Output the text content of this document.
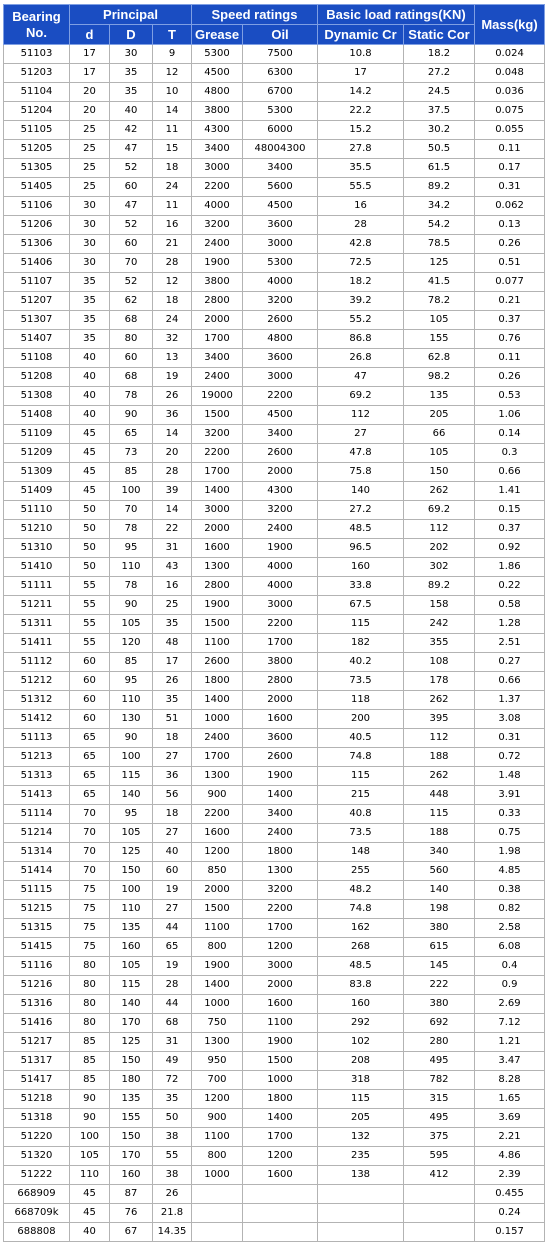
Bearing
No.	Principal			Speed ratings		Basic load ratings(KN)		Mass(kg)
	d	D	T	Grease	Oil	Dynamic Cr	Static Cor	
51103	17	30	9	5300	7500	10.8	18.2	0.024
51203	17	35	12	4500	6300	17	27.2	0.048
51104	20	35	10	4800	6700	14.2	24.5	0.036
51204	20	40	14	3800	5300	22.2	37.5	0.075
51105	25	42	11	4300	6000	15.2	30.2	0.055
51205	25	47	15	3400	48004300	27.8	50.5	0.11
51305	25	52	18	3000	3400	35.5	61.5	0.17
51405	25	60	24	2200	5600	55.5	89.2	0.31
51106	30	47	11	4000	4500	16	34.2	0.062
51206	30	52	16	3200	3600	28	54.2	0.13
51306	30	60	21	2400	3000	42.8	78.5	0.26
51406	30	70	28	1900	5300	72.5	125	0.51
51107	35	52	12	3800	4000	18.2	41.5	0.077
51207	35	62	18	2800	3200	39.2	78.2	0.21
51307	35	68	24	2000	2600	55.2	105	0.37
51407	35	80	32	1700	4800	86.8	155	0.76
51108	40	60	13	3400	3600	26.8	62.8	0.11
51208	40	68	19	2400	3000	47	98.2	0.26
51308	40	78	26	19000	2200	69.2	135	0.53
51408	40	90	36	1500	4500	112	205	1.06
51109	45	65	14	3200	3400	27	66	0.14
51209	45	73	20	2200	2600	47.8	105	0.3
51309	45	85	28	1700	2000	75.8	150	0.66
51409	45	100	39	1400	4300	140	262	1.41
51110	50	70	14	3000	3200	27.2	69.2	0.15
51210	50	78	22	2000	2400	48.5	112	0.37
51310	50	95	31	1600	1900	96.5	202	0.92
51410	50	110	43	1300	4000	160	302	1.86
51111	55	78	16	2800	4000	33.8	89.2	0.22
51211	55	90	25	1900	3000	67.5	158	0.58
51311	55	105	35	1500	2200	115	242	1.28
51411	55	120	48	1100	1700	182	355	2.51
51112	60	85	17	2600	3800	40.2	108	0.27
51212	60	95	26	1800	2800	73.5	178	0.66
51312	60	110	35	1400	2000	118	262	1.37
51412	60	130	51	1000	1600	200	395	3.08
51113	65	90	18	2400	3600	40.5	112	0.31
51213	65	100	27	1700	2600	74.8	188	0.72
51313	65	115	36	1300	1900	115	262	1.48
51413	65	140	56	900	1400	215	448	3.91
51114	70	95	18	2200	3400	40.8	115	0.33
51214	70	105	27	1600	2400	73.5	188	0.75
51314	70	125	40	1200	1800	148	340	1.98
51414	70	150	60	850	1300	255	560	4.85
51115	75	100	19	2000	3200	48.2	140	0.38
51215	75	110	27	1500	2200	74.8	198	0.82
51315	75	135	44	1100	1700	162	380	2.58
51415	75	160	65	800	1200	268	615	6.08
51116	80	105	19	1900	3000	48.5	145	0.4
51216	80	115	28	1400	2000	83.8	222	0.9
51316	80	140	44	1000	1600	160	380	2.69
51416	80	170	68	750	1100	292	692	7.12
51217	85	125	31	1300	1900	102	280	1.21
51317	85	150	49	950	1500	208	495	3.47
51417	85	180	72	700	1000	318	782	8.28
51218	90	135	35	1200	1800	115	315	1.65
51318	90	155	50	900	1400	205	495	3.69
51220	100	150	38	1100	1700	132	375	2.21
51320	105	170	55	800	1200	235	595	4.86
51222	110	160	38	1000	1600	138	412	2.39
668909	45	87	26					0.455
668709k	45	76	21.8					0.24
688808	40	67	14.35					0.157
